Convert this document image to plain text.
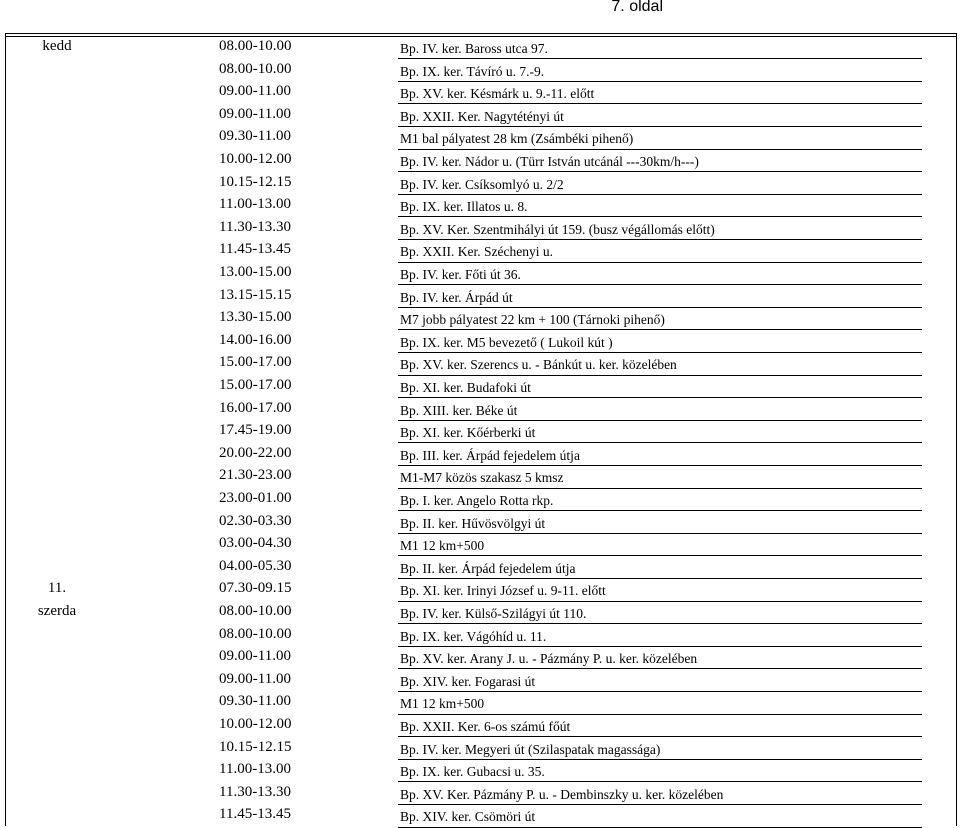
7. oldal
kedd	08.00-10.00	Bp. IV. ker. Baross utca 97.
08.00-10.00	Bp. IX. ker. Távíró u. 7.-9.
09.00-11.00	Bp. XV. ker. Késmárk u. 9.-11. előtt
09.00-11.00	Bp. XXII. Ker. Nagytétényi út
09.30-11.00	M1 bal pályatest 28 km (Zsámbéki pihenő)
10.00-12.00	Bp. IV. ker. Nádor u. (Türr István utcánál ---30km/h---)
10.15-12.15	Bp. IV. ker. Csíksomlyó u. 2/2
11.00-13.00	Bp. IX. ker. Illatos u. 8.
11.30-13.30	Bp. XV. Ker. Szentmihályi út 159. (busz végállomás előtt)
11.45-13.45	Bp. XXII. Ker. Széchenyi u.
13.00-15.00	Bp. IV. ker. Főti út 36.
13.15-15.15	Bp. IV. ker. Árpád út
13.30-15.00	M7 jobb pályatest 22 km + 100 (Tárnoki pihenő)
14.00-16.00	Bp. IX. ker. M5 bevezető ( Lukoil kút )
15.00-17.00	Bp. XV. ker. Szerencs u. - Bánkút u. ker. közelében
15.00-17.00	Bp. XI. ker. Budafoki út
16.00-17.00	Bp. XIII. ker. Béke út
17.45-19.00	Bp. XI. ker. Kőérberki út
20.00-22.00	Bp. III. ker. Árpád fejedelem útja
21.30-23.00	M1-M7 közös szakasz 5 kmsz
23.00-01.00	Bp. I. ker. Angelo Rotta rkp.
02.30-03.30	Bp. II. ker. Hűvösvölgyi út
03.00-04.30	M1 12 km+500
04.00-05.30	Bp. II. ker. Árpád fejedelem útja
11.	07.30-09.15	Bp. XI. ker. Irinyi József u. 9-11. előtt
szerda	08.00-10.00	Bp. IV. ker. Külső-Szilágyi út 110.
08.00-10.00	Bp. IX. ker. Vágóhíd u. 11.
09.00-11.00	Bp. XV. ker. Arany J. u. - Pázmány P. u. ker. közelében
09.00-11.00	Bp. XIV. ker. Fogarasi út
09.30-11.00	M1 12 km+500
10.00-12.00	Bp. XXII. Ker. 6-os számú főút
10.15-12.15	Bp. IV. ker. Megyeri út (Szilaspatak magassága)
11.00-13.00	Bp. IX. ker. Gubacsi u. 35.
11.30-13.30	Bp. XV. Ker. Pázmány P. u. - Dembinszky u. ker. közelében
11.45-13.45	Bp. XIV. ker. Csömöri út
